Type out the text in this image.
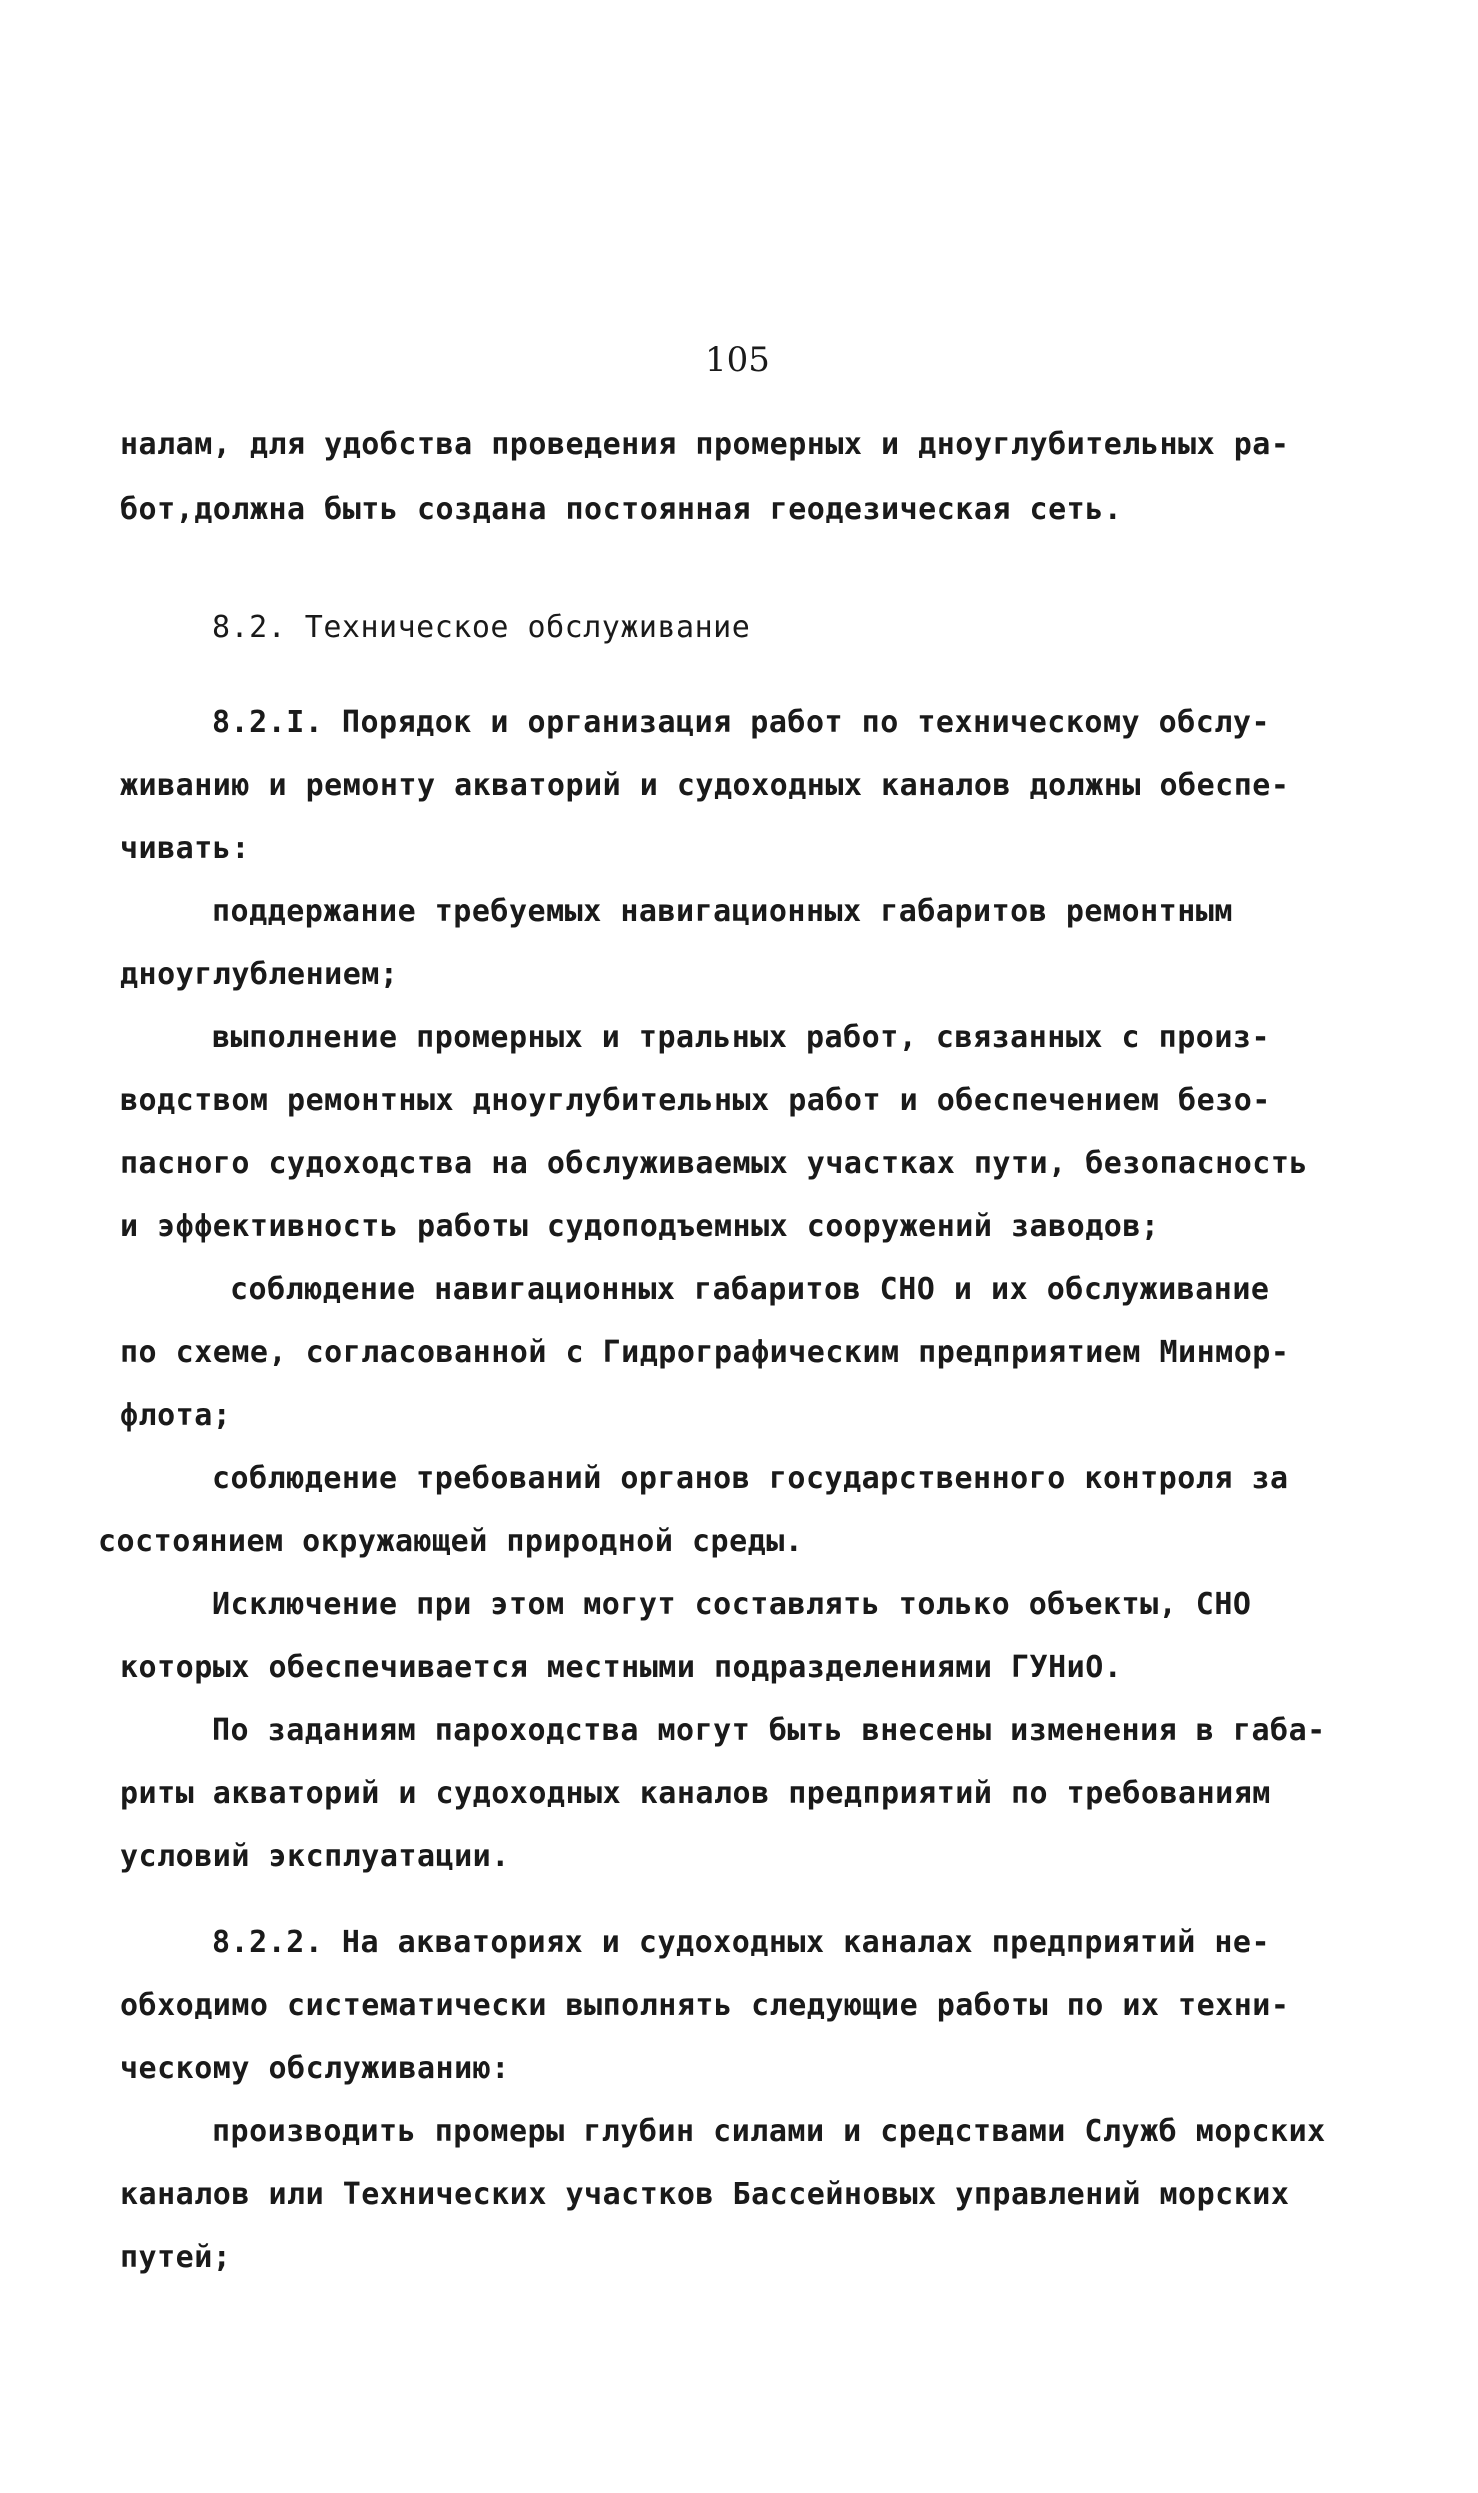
105
налам, для удобства проведения промерных и дноуглубительных ра-
бот,должна быть создана постоянная геодезическая сеть.
8.2. Техническое обслуживание
8.2.I. Порядок и организация работ по техническому обслу-
живанию и ремонту акваторий и судоходных каналов должны обеспе-
чивать:
поддержание требуемых навигационных габаритов ремонтным
дноуглублением;
выполнение промерных и тральных работ, связанных с произ-
водством ремонтных дноуглубительных работ и обеспечением безо-
пасного судоходства на обслуживаемых участках пути, безопасность
и эффективность работы судоподъемных сооружений заводов;
соблюдение навигационных габаритов СНО и их обслуживание
по схеме, согласованной с Гидрографическим предприятием Минмор-
флота;
соблюдение требований органов государственного контроля за
состоянием окружающей природной среды.
Исключение при этом могут составлять только объекты, СНО
которых обеспечивается местными подразделениями ГУНиО.
По заданиям пароходства могут быть внесены изменения в габа-
риты акваторий и судоходных каналов предприятий по требованиям
условий эксплуатации.
8.2.2. На акваториях и судоходных каналах предприятий не-
обходимо систематически выполнять следующие работы по их техни-
ческому обслуживанию:
производить промеры глубин силами и средствами Служб морских
каналов или Технических участков Бассейновых управлений морских
путей;
